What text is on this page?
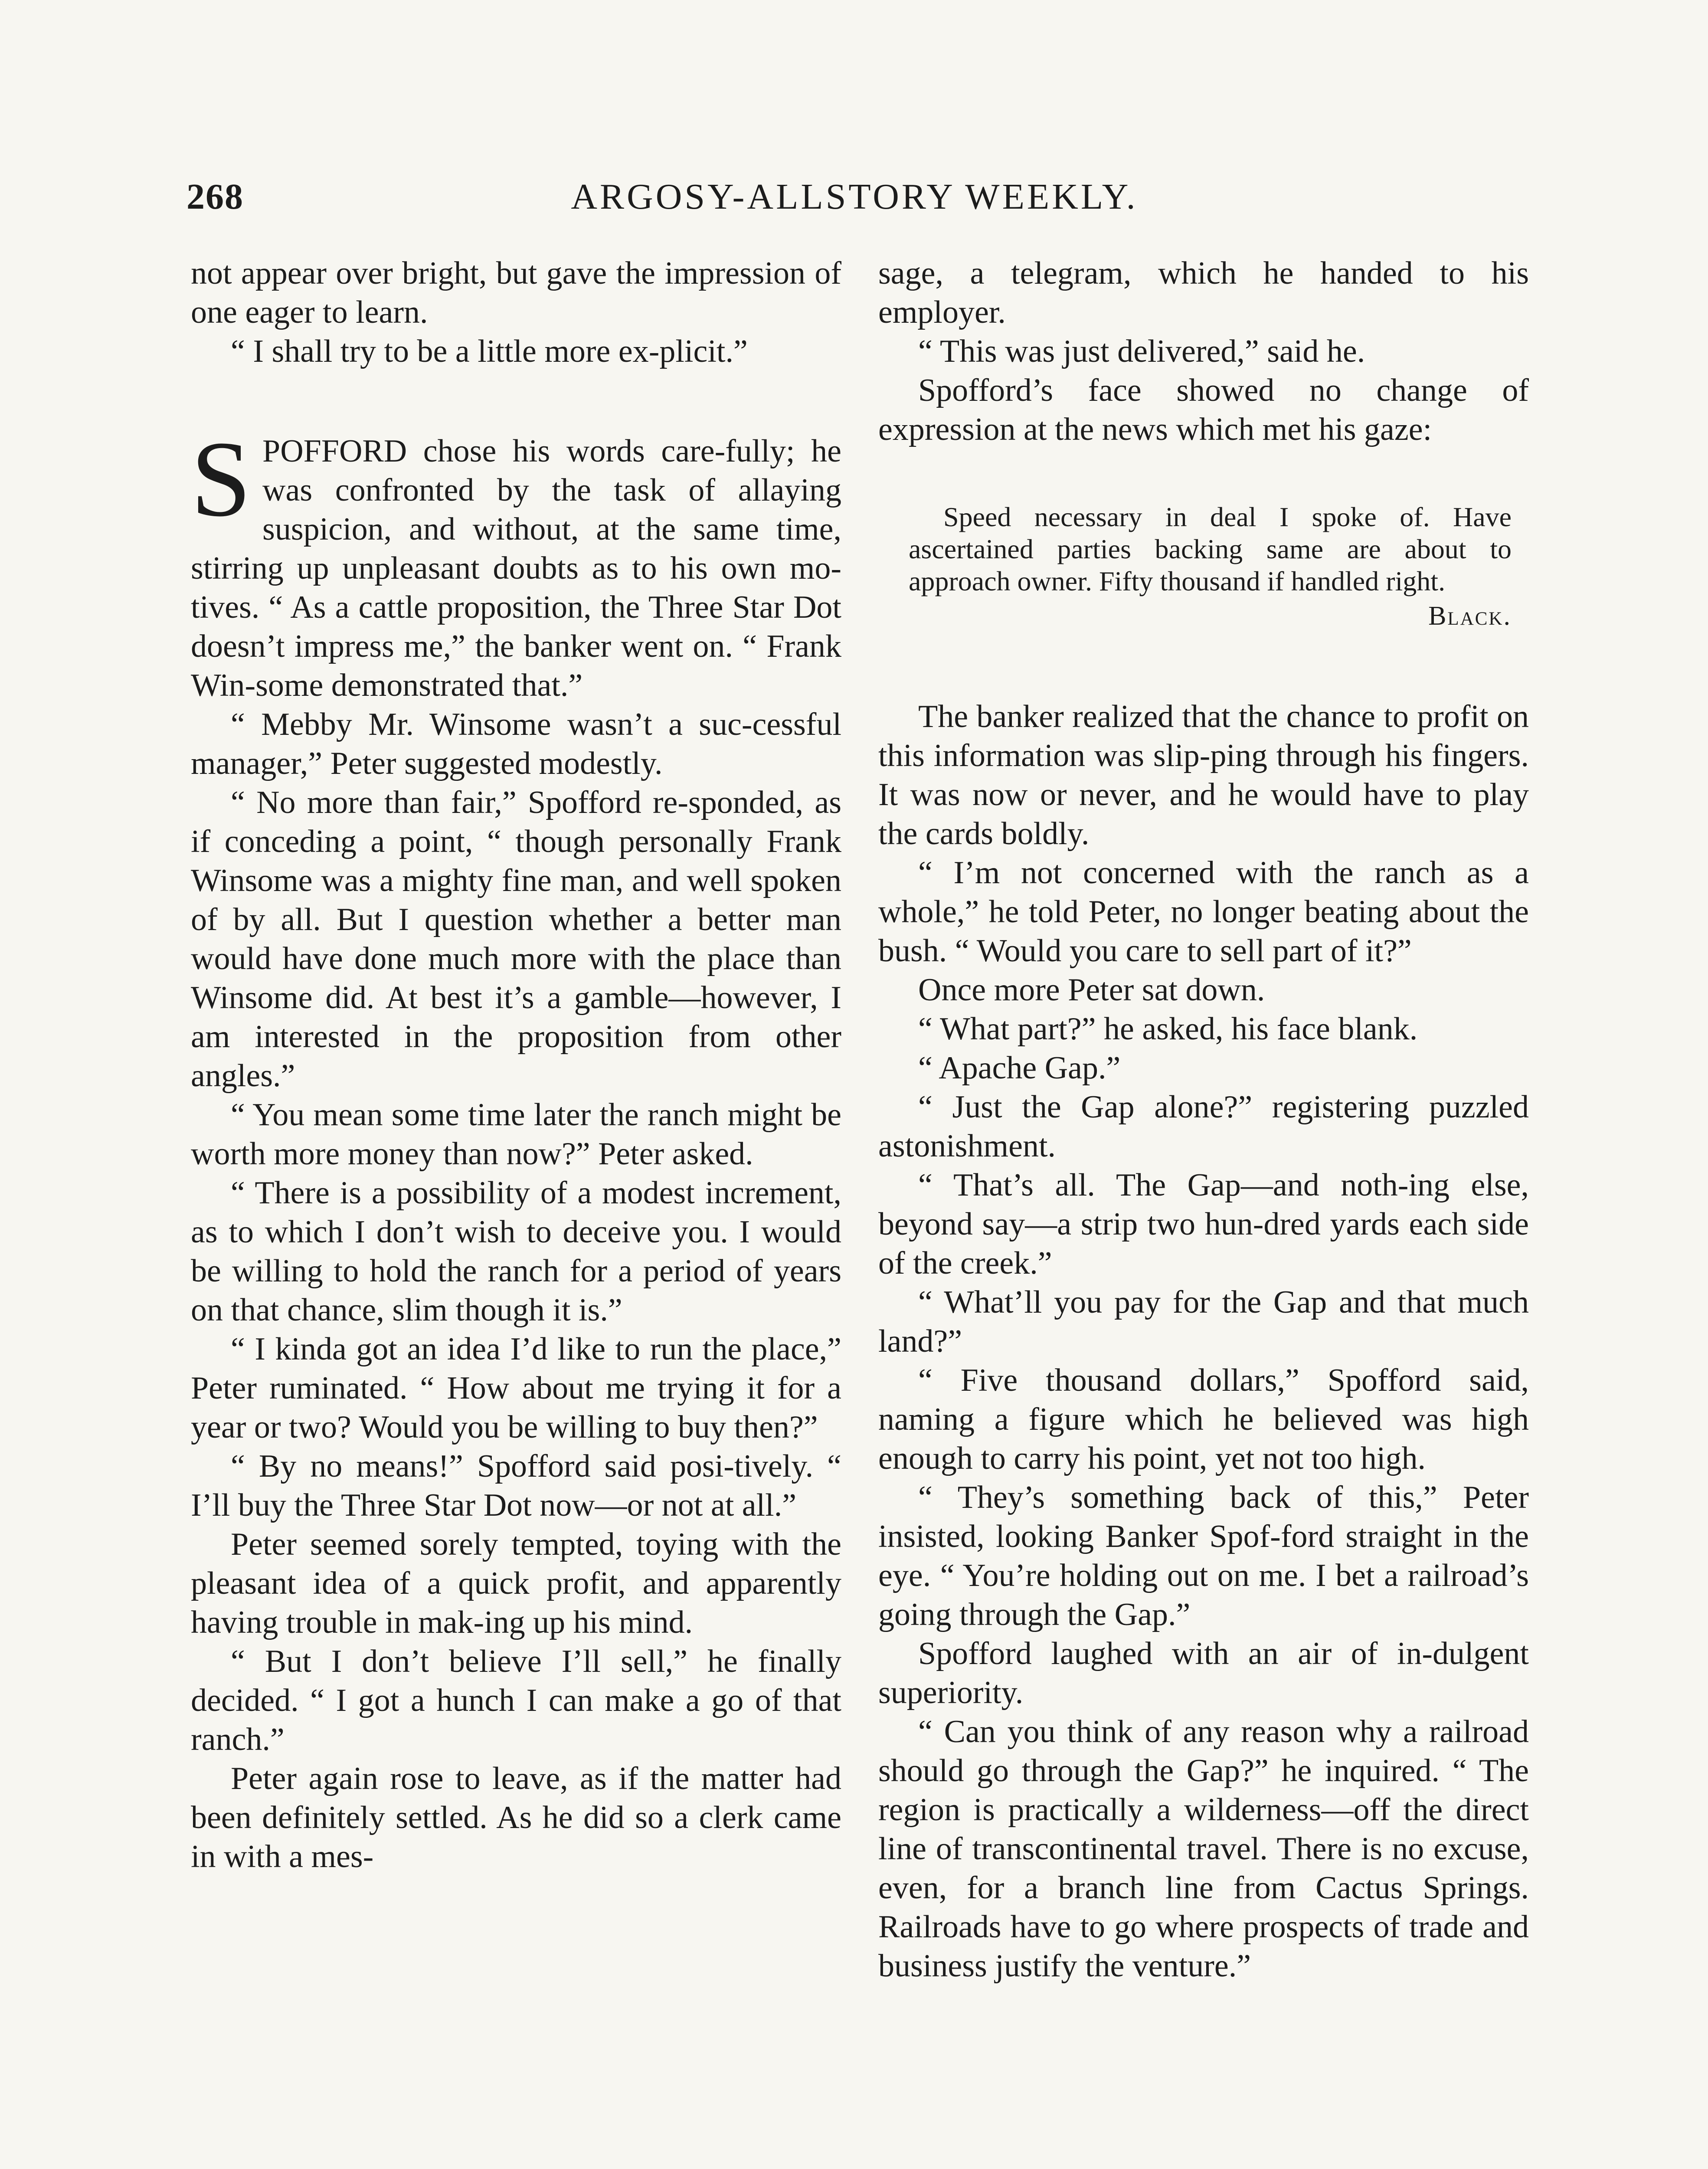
268	ARGOSY-ALLSTORY WEEKLY.

not appear over bright, but gave the impression of one eager to learn.

“ I shall try to be a little more ex-plicit.”

SPOFFORD chose his words care-fully; he was confronted by the task of allaying suspicion, and without, at the same time, stirring up unpleasant doubts as to his own mo-tives. “ As a cattle proposition, the Three Star Dot doesn’t impress me,” the banker went on. “ Frank Win-some demonstrated that.”

“ Mebby Mr. Winsome wasn’t a suc-cessful manager,” Peter suggested modestly.

“ No more than fair,” Spofford re-sponded, as if conceding a point, “ though personally Frank Winsome was a mighty fine man, and well spoken of by all. But I question whether a better man would have done much more with the place than Winsome did. At best it’s a gamble—however, I am interested in the proposition from other angles.”

“ You mean some time later the ranch might be worth more money than now?” Peter asked.

“ There is a possibility of a modest increment, as to which I don’t wish to deceive you. I would be willing to hold the ranch for a period of years on that chance, slim though it is.”

“ I kinda got an idea I’d like to run the place,” Peter ruminated. “ How about me trying it for a year or two? Would you be willing to buy then?”

“ By no means!” Spofford said posi-tively. “ I’ll buy the Three Star Dot now—or not at all.”

Peter seemed sorely tempted, toying with the pleasant idea of a quick profit, and apparently having trouble in mak-ing up his mind.

“ But I don’t believe I’ll sell,” he finally decided. “ I got a hunch I can make a go of that ranch.”

Peter again rose to leave, as if the matter had been definitely settled. As he did so a clerk came in with a mes-

sage, a telegram, which he handed to his employer.

“ This was just delivered,” said he.

Spofford’s face showed no change of expression at the news which met his gaze:

Speed necessary in deal I spoke of. Have ascertained parties backing same are about to approach owner. Fifty thousand if handled right.

Black.

The banker realized that the chance to profit on this information was slip-ping through his fingers. It was now or never, and he would have to play the cards boldly.

“ I’m not concerned with the ranch as a whole,” he told Peter, no longer beating about the bush. “ Would you care to sell part of it?”

Once more Peter sat down.

“ What part?” he asked, his face blank.

“ Apache Gap.”

“ Just the Gap alone?” registering puzzled astonishment.

“ That’s all. The Gap—and noth-ing else, beyond say—a strip two hun-dred yards each side of the creek.”

“ What’ll you pay for the Gap and that much land?”

“ Five thousand dollars,” Spofford said, naming a figure which he believed was high enough to carry his point, yet not too high.

“ They’s something back of this,” Peter insisted, looking Banker Spof-ford straight in the eye. “ You’re holding out on me. I bet a railroad’s going through the Gap.”

Spofford laughed with an air of in-dulgent superiority.

“ Can you think of any reason why a railroad should go through the Gap?” he inquired. “ The region is practically a wilderness—off the direct line of transcontinental travel. There is no excuse, even, for a branch line from Cactus Springs. Railroads have to go where prospects of trade and business justify the venture.”
